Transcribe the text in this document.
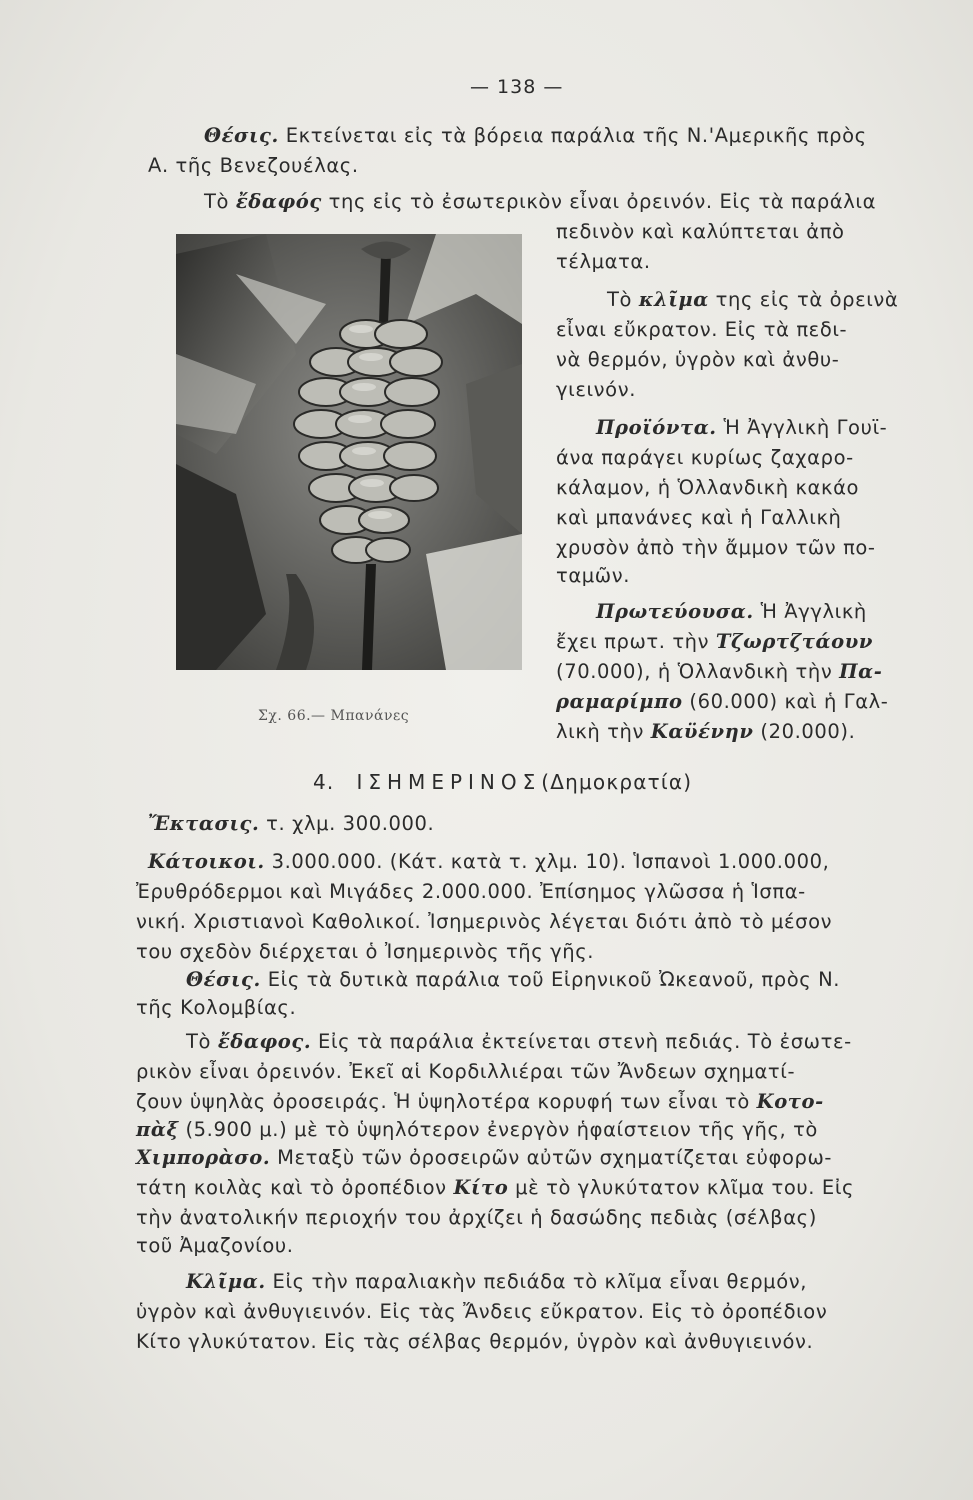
— 138 —
Θέσις. Εκτείνεται εἰς τὰ βόρεια παράλια τῆς Ν.'Αμερικῆς πρὸς
Α. τῆς Βενεζουέλας.
Τὸ ἔδαφός της εἰς τὸ ἐσωτερικὸν εἶναι ὀρεινόν. Εἰς τὰ παράλια
πεδινὸν καὶ καλύπτεται ἀπὸ
τέλματα.
Τὸ κλῖμα της εἰς τὰ ὀρεινὰ
εἶναι εὔκρατον. Εἰς τὰ πεδι-
νὰ θερμόν, ὑγρὸν καὶ ἀνθυ-
γιεινόν.
Προϊόντα. Ἡ Ἀγγλικὴ Γουϊ-
άνα παράγει κυρίως ζαχαρο-
κάλαμον, ἡ Ὁλλανδικὴ κακάο
καὶ μπανάνες καὶ ἡ Γαλλικὴ
χρυσὸν ἀπὸ τὴν ἄμμον τῶν πο-
ταμῶν.
Πρωτεύουσα. Ἡ Ἀγγλικὴ
ἔχει πρωτ. τὴν Τζωρτζτάουν
(70.000), ἡ Ὁλλανδικὴ τὴν Πα-
ραμαρίμπο (60.000) καὶ ἡ Γαλ-
λικὴ τὴν Καϋένην (20.000).
Σχ. 66.— Μπανάνες
4. ΙΣΗΜΕΡΙΝΟΣ(Δημοκρατία)
Ἔκτασις. τ. χλμ. 300.000.
Κάτοικοι. 3.000.000. (Κάτ. κατὰ τ. χλμ. 10). Ἱσπανοὶ 1.000.000,
Ἐρυθρόδερμοι καὶ Μιγάδες 2.000.000. Ἐπίσημος γλῶσσα ἡ Ἱσπα-
νική. Χριστιανοὶ Καθολικοί. Ἰσημερινὸς λέγεται διότι ἀπὸ τὸ μέσον
του σχεδὸν διέρχεται ὁ Ἰσημερινὸς τῆς γῆς.
Θέσις. Εἰς τὰ δυτικὰ παράλια τοῦ Εἰρηνικοῦ Ὠκεανοῦ, πρὸς Ν.
τῆς Κολομβίας.
Τὸ ἔδαφος. Εἰς τὰ παράλια ἐκτείνεται στενὴ πεδιάς. Τὸ ἐσωτε-
ρικὸν εἶναι ὀρεινόν. Ἐκεῖ αἱ Κορδιλλιέραι τῶν Ἄνδεων σχηματί-
ζουν ὑψηλὰς ὀροσειράς. Ἡ ὑψηλοτέρα κορυφή των εἶναι τὸ Κοτο-
πὰξ (5.900 μ.) μὲ τὸ ὑψηλότερον ἐνεργὸν ἡφαίστειον τῆς γῆς, τὸ
Χιμπορὰσο. Μεταξὺ τῶν ὀροσειρῶν αὐτῶν σχηματίζεται εὐφορω-
τάτη κοιλὰς καὶ τὸ ὀροπέδιον Κίτο μὲ τὸ γλυκύτατον κλῖμα του. Εἰς
τὴν ἀνατολικήν περιοχήν του ἀρχίζει ἡ δασώδης πεδιὰς (σέλβας)
τοῦ Ἀμαζονίου.
Κλῖμα. Εἰς τὴν παραλιακὴν πεδιάδα τὸ κλῖμα εἶναι θερμόν,
ὑγρὸν καὶ ἀνθυγιεινόν. Εἰς τὰς Ἄνδεις εὔκρατον. Εἰς τὸ ὀροπέδιον
Κίτο γλυκύτατον. Εἰς τὰς σέλβας θερμόν, ὑγρὸν καὶ ἀνθυγιεινόν.
